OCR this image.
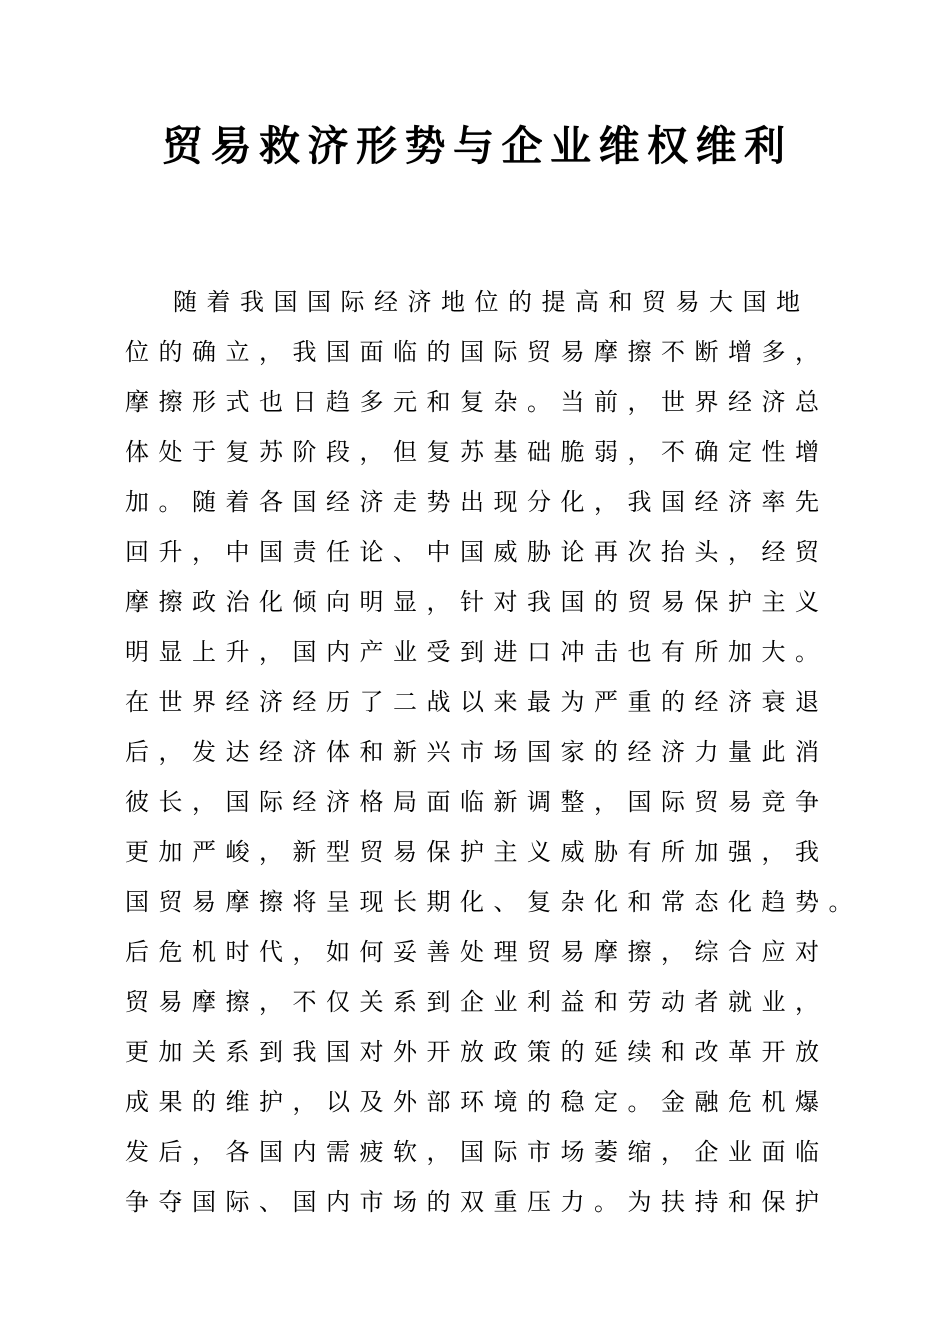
贸易救济形势与企业维权维利
随着我国国际经济地位的提高和贸易大国地
位的确立，我国面临的国际贸易摩擦不断增多，
摩擦形式也日趋多元和复杂。当前，世界经济总
体处于复苏阶段，但复苏基础脆弱，不确定性增
加。随着各国经济走势出现分化，我国经济率先
回升，中国责任论、中国威胁论再次抬头，经贸
摩擦政治化倾向明显，针对我国的贸易保护主义
明显上升，国内产业受到进口冲击也有所加大。
在世界经济经历了二战以来最为严重的经济衰退
后，发达经济体和新兴市场国家的经济力量此消
彼长，国际经济格局面临新调整，国际贸易竞争
更加严峻，新型贸易保护主义威胁有所加强，我
国贸易摩擦将呈现长期化、复杂化和常态化趋势。
后危机时代，如何妥善处理贸易摩擦，综合应对
贸易摩擦，不仅关系到企业利益和劳动者就业，
更加关系到我国对外开放政策的延续和改革开放
成果的维护，以及外部环境的稳定。金融危机爆
发后，各国内需疲软，国际市场萎缩，企业面临
争夺国际、国内市场的双重压力。为扶持和保护
